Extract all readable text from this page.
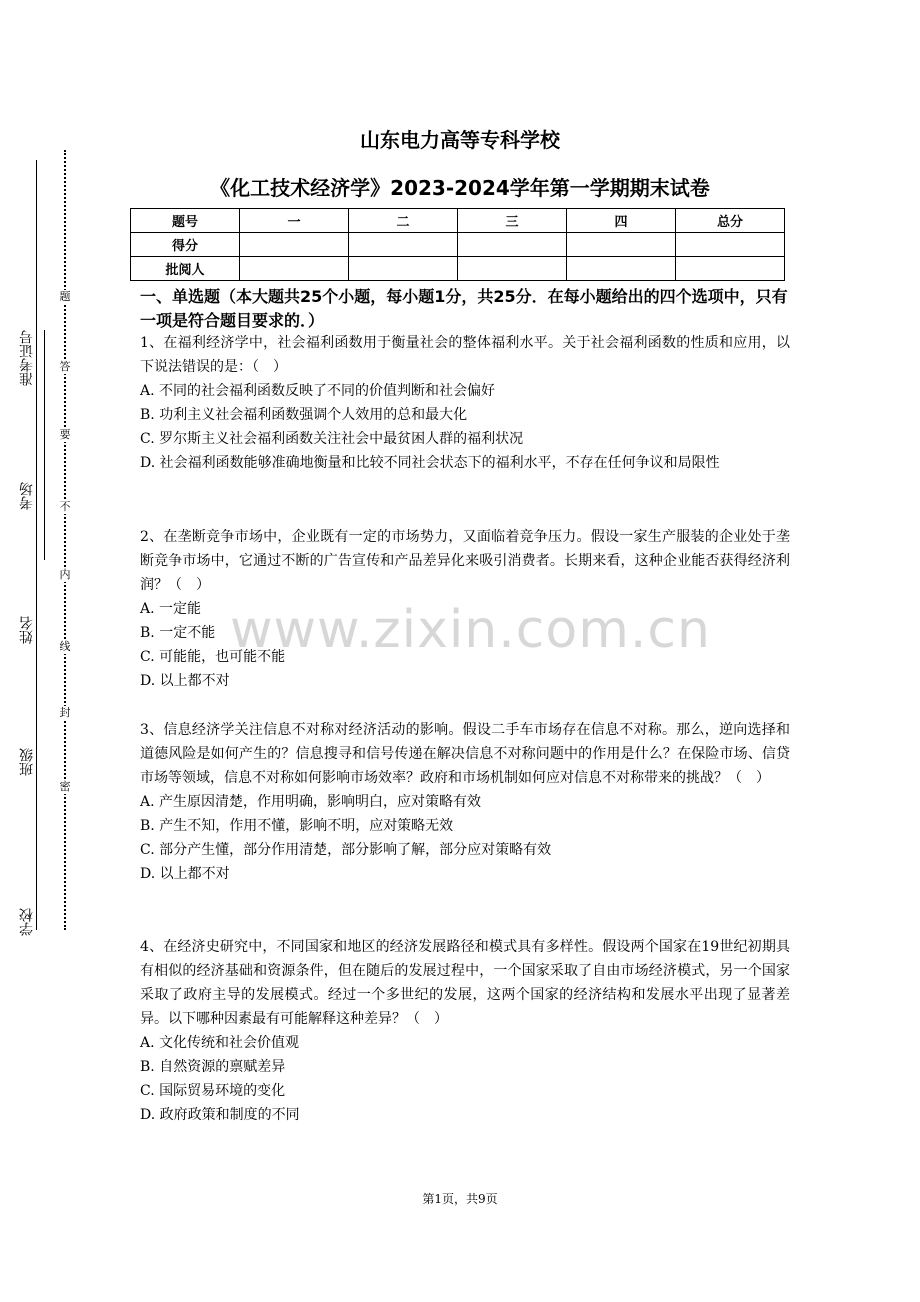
准考证号
考场
姓名
班级
学校
题
答
要
不
内
线
封
密
山东电力高等专科学校
《化工技术经济学》2023-2024学年第一学期期末试卷
题号	一	二	三	四	总分
得分					
批阅人					
一、单选题（本大题共25个小题，每小题1分，共25分．在每小题给出的四个选项中，只有一项是符合题目要求的．）

1、在福利经济学中，社会福利函数用于衡量社会的整体福利水平。关于社会福利函数的性质和应用，以下说法错误的是：（　）

A. 不同的社会福利函数反映了不同的价值判断和社会偏好

B. 功利主义社会福利函数强调个人效用的总和最大化

C. 罗尔斯主义社会福利函数关注社会中最贫困人群的福利状况

D. 社会福利函数能够准确地衡量和比较不同社会状态下的福利水平，不存在任何争议和局限性

2、在垄断竞争市场中，企业既有一定的市场势力，又面临着竞争压力。假设一家生产服装的企业处于垄断竞争市场中，它通过不断的广告宣传和产品差异化来吸引消费者。长期来看，这种企业能否获得经济利润？（　）

A. 一定能

B. 一定不能

C. 可能能，也可能不能

D. 以上都不对

3、信息经济学关注信息不对称对经济活动的影响。假设二手车市场存在信息不对称。那么，逆向选择和道德风险是如何产生的？信息搜寻和信号传递在解决信息不对称问题中的作用是什么？在保险市场、信贷市场等领域，信息不对称如何影响市场效率？政府和市场机制如何应对信息不对称带来的挑战？（　）

A. 产生原因清楚，作用明确，影响明白，应对策略有效

B. 产生不知，作用不懂，影响不明，应对策略无效

C. 部分产生懂，部分作用清楚，部分影响了解，部分应对策略有效

D. 以上都不对

4、在经济史研究中，不同国家和地区的经济发展路径和模式具有多样性。假设两个国家在19世纪初期具有相似的经济基础和资源条件，但在随后的发展过程中，一个国家采取了自由市场经济模式，另一个国家采取了政府主导的发展模式。经过一个多世纪的发展，这两个国家的经济结构和发展水平出现了显著差异。以下哪种因素最有可能解释这种差异？（　）

A. 文化传统和社会价值观

B. 自然资源的禀赋差异

C. 国际贸易环境的变化

D. 政府政策和制度的不同

www.zixin.com.cn
第1页，共9页
